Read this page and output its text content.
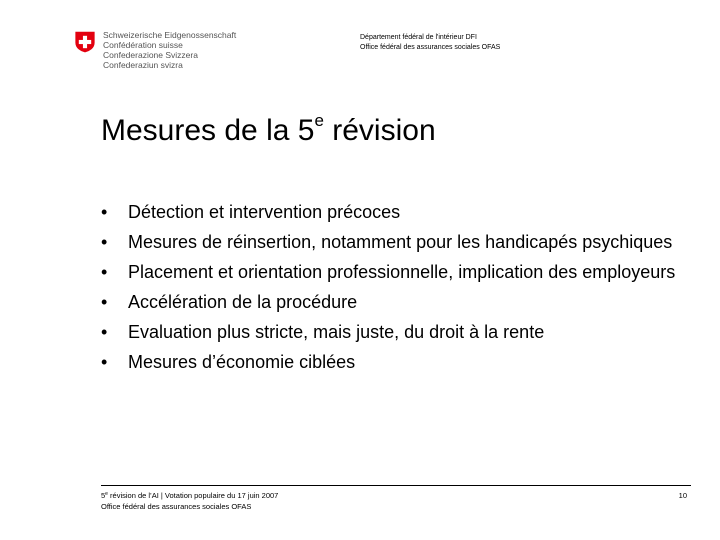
Schweizerische Eidgenossenschaft
Confédération suisse
Confederazione Svizzera
Confederaziun svizra
Département fédéral de l'intérieur DFI
Office fédéral des assurances sociales OFAS
Mesures de la 5e révision
• Détection et intervention précoces
• Mesures de réinsertion, notamment pour les handicapés psychiques
• Placement et orientation professionnelle, implication des employeurs
• Accélération de la procédure
• Evaluation plus stricte, mais juste, du droit à la rente
• Mesures d’économie ciblées
5e révision de l’AI | Votation populaire du 17 juin 2007
Office fédéral des assurances sociales OFAS
10
